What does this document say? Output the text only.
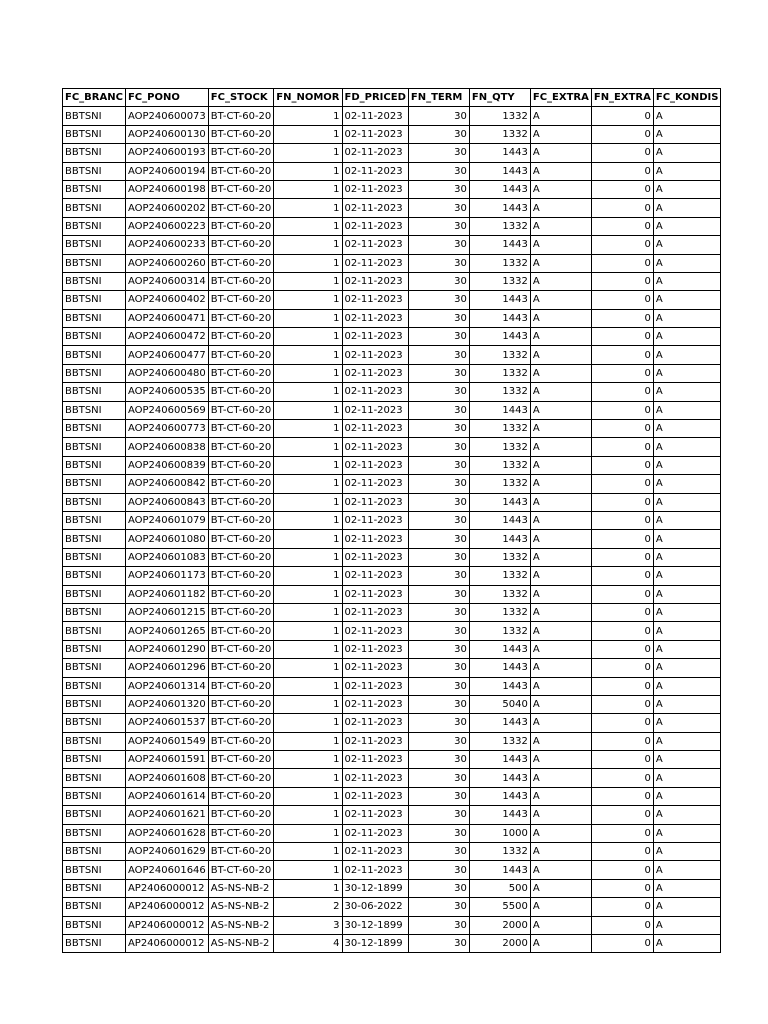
FC_BRANC	FC_PONO	FC_STOCK	FN_NOMOR	FD_PRICED	FN_TERM	FN_QTY	FC_EXTRA	FN_EXTRA	FC_KONDIS
BBTSNI	AOP240600073	BT-CT-60-20	1	02-11-2023	30	1332	A	0	A
BBTSNI	AOP240600130	BT-CT-60-20	1	02-11-2023	30	1332	A	0	A
BBTSNI	AOP240600193	BT-CT-60-20	1	02-11-2023	30	1443	A	0	A
BBTSNI	AOP240600194	BT-CT-60-20	1	02-11-2023	30	1443	A	0	A
BBTSNI	AOP240600198	BT-CT-60-20	1	02-11-2023	30	1443	A	0	A
BBTSNI	AOP240600202	BT-CT-60-20	1	02-11-2023	30	1443	A	0	A
BBTSNI	AOP240600223	BT-CT-60-20	1	02-11-2023	30	1332	A	0	A
BBTSNI	AOP240600233	BT-CT-60-20	1	02-11-2023	30	1443	A	0	A
BBTSNI	AOP240600260	BT-CT-60-20	1	02-11-2023	30	1332	A	0	A
BBTSNI	AOP240600314	BT-CT-60-20	1	02-11-2023	30	1332	A	0	A
BBTSNI	AOP240600402	BT-CT-60-20	1	02-11-2023	30	1443	A	0	A
BBTSNI	AOP240600471	BT-CT-60-20	1	02-11-2023	30	1443	A	0	A
BBTSNI	AOP240600472	BT-CT-60-20	1	02-11-2023	30	1443	A	0	A
BBTSNI	AOP240600477	BT-CT-60-20	1	02-11-2023	30	1332	A	0	A
BBTSNI	AOP240600480	BT-CT-60-20	1	02-11-2023	30	1332	A	0	A
BBTSNI	AOP240600535	BT-CT-60-20	1	02-11-2023	30	1332	A	0	A
BBTSNI	AOP240600569	BT-CT-60-20	1	02-11-2023	30	1443	A	0	A
BBTSNI	AOP240600773	BT-CT-60-20	1	02-11-2023	30	1332	A	0	A
BBTSNI	AOP240600838	BT-CT-60-20	1	02-11-2023	30	1332	A	0	A
BBTSNI	AOP240600839	BT-CT-60-20	1	02-11-2023	30	1332	A	0	A
BBTSNI	AOP240600842	BT-CT-60-20	1	02-11-2023	30	1332	A	0	A
BBTSNI	AOP240600843	BT-CT-60-20	1	02-11-2023	30	1443	A	0	A
BBTSNI	AOP240601079	BT-CT-60-20	1	02-11-2023	30	1443	A	0	A
BBTSNI	AOP240601080	BT-CT-60-20	1	02-11-2023	30	1443	A	0	A
BBTSNI	AOP240601083	BT-CT-60-20	1	02-11-2023	30	1332	A	0	A
BBTSNI	AOP240601173	BT-CT-60-20	1	02-11-2023	30	1332	A	0	A
BBTSNI	AOP240601182	BT-CT-60-20	1	02-11-2023	30	1332	A	0	A
BBTSNI	AOP240601215	BT-CT-60-20	1	02-11-2023	30	1332	A	0	A
BBTSNI	AOP240601265	BT-CT-60-20	1	02-11-2023	30	1332	A	0	A
BBTSNI	AOP240601290	BT-CT-60-20	1	02-11-2023	30	1443	A	0	A
BBTSNI	AOP240601296	BT-CT-60-20	1	02-11-2023	30	1443	A	0	A
BBTSNI	AOP240601314	BT-CT-60-20	1	02-11-2023	30	1443	A	0	A
BBTSNI	AOP240601320	BT-CT-60-20	1	02-11-2023	30	5040	A	0	A
BBTSNI	AOP240601537	BT-CT-60-20	1	02-11-2023	30	1443	A	0	A
BBTSNI	AOP240601549	BT-CT-60-20	1	02-11-2023	30	1332	A	0	A
BBTSNI	AOP240601591	BT-CT-60-20	1	02-11-2023	30	1443	A	0	A
BBTSNI	AOP240601608	BT-CT-60-20	1	02-11-2023	30	1443	A	0	A
BBTSNI	AOP240601614	BT-CT-60-20	1	02-11-2023	30	1443	A	0	A
BBTSNI	AOP240601621	BT-CT-60-20	1	02-11-2023	30	1443	A	0	A
BBTSNI	AOP240601628	BT-CT-60-20	1	02-11-2023	30	1000	A	0	A
BBTSNI	AOP240601629	BT-CT-60-20	1	02-11-2023	30	1332	A	0	A
BBTSNI	AOP240601646	BT-CT-60-20	1	02-11-2023	30	1443	A	0	A
BBTSNI	AP2406000012	AS-NS-NB-2	1	30-12-1899	30	500	A	0	A
BBTSNI	AP2406000012	AS-NS-NB-2	2	30-06-2022	30	5500	A	0	A
BBTSNI	AP2406000012	AS-NS-NB-2	3	30-12-1899	30	2000	A	0	A
BBTSNI	AP2406000012	AS-NS-NB-2	4	30-12-1899	30	2000	A	0	A
